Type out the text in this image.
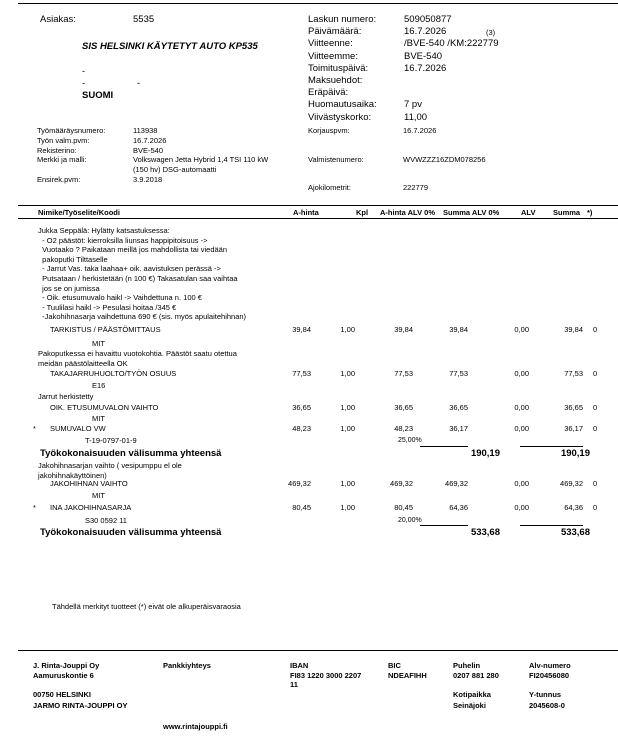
Asiakas:	5535
SIS HELSINKI KÄYTETYT AUTO KP535
-
-	-
SUOMI
Laskun numero:	509050877
Päivämäärä:	16.7.2026	(3)
Viitteenne:	/BVE-540 /KM:222779
Viitteemme:	BVE-540
Toimituspäivä:	16.7.2026
Maksuehdot:
Eräpäivä:
Huomautusaika:	7 pv
Viivästyskorko:	11,00
Työmääräysnumero:	113938
Työn valm.pvm:	16.7.2026
Rekisterino:	BVE-540
Merkki ja malli:	Volkswagen Jetta Hybrid 1,4 TSI 110 kW
(150 hv) DSG-automaatti
Ensirek.pvm:	3.9.2018
Korjauspvm:	16.7.2026
Valmistenumero:	WVWZZZ16ZDM078256
Ajokilometrit:	222779
Nimike/Työselite/Koodi	A-hinta	Kpl A-hinta ALV 0% Summa ALV 0%	ALV Summa *)
Jukka Seppälä: Hylätty katsastuksessa:
- O2 päästöt: kierroksilla liunsas happipitoisuus ->
Vuotaako ? Paikataan meillä jos mahdollista tai viedään
pakoputki Tilttaselle
- Jarrut Vas. taka laahaa+ oik. aavistuksen perässä ->
Putsataan / herkistetään (n 100 €) Takasatulan saa vaihtaa
jos se on jumissa
- Oik. etusumuvalo haikl -> Vaihdettuna n. 100 €
- Tuulilasi haikl -> Pesulasi hoitaa /345 €
-Jakohihnasarja vaihdettuna 690 € (sis. myös apulaitehihnan)
TARKISTUS / PÄÄSTÖMITTAUS	39,84	1,00	39,84	39,84	0,00	39,84 0
MIT
Pakoputkessa ei havaittu vuotokohtia. Päästöt saatu otettua
meidän päästölaitteella OK
TAKAJARRUHUOLTO/TYÖN OSUUS	77,53	1,00	77,53	77,53	0,00	77,53 0
E16
Jarrut herkistetty
OIK. ETUSUMUVALON VAIHTO	36,65	1,00	36,65	36,65	0,00	36,65 0
MIT
* SUMUVALO VW	48,23	1,00	48,23	36,17	0,00	36,17 0
T-19-0797-01-9	25,00%
Työkokonaisuuden välisumma yhteensä	190,19	190,19
Jakohihnasarjan vaihto ( vesipumppu el ole
jakohihnakäyttöinen)
JAKOHIHNAN VAIHTO	469,32	1,00	469,32	469,32	0,00	469,32 0
MIT
* INA JAKOHIHNASARJA	80,45	1,00	80,45	64,36	0,00	64,36 0
S30 0592 11	20,00%
Työkokonaisuuden välisumma yhteensä	533,68	533,68
Tähdellä merkityt tuotteet (*) eivät ole alkuperäisvaraosia
J. Rinta-Jouppi Oy
Aamuruskontie 6
00750 HELSINKI
JARMO RINTA-JOUPPI OY
Pankkiyhteys	IBAN
FI83 1220 3000 2207
11
BIC
NDEAFIHH
Puhelin
0207 881 280
Kotipaikka
Seinäjoki
Alv-numero
FI20456080
Y-tunnus
2045608-0
www.rintajouppi.fi
